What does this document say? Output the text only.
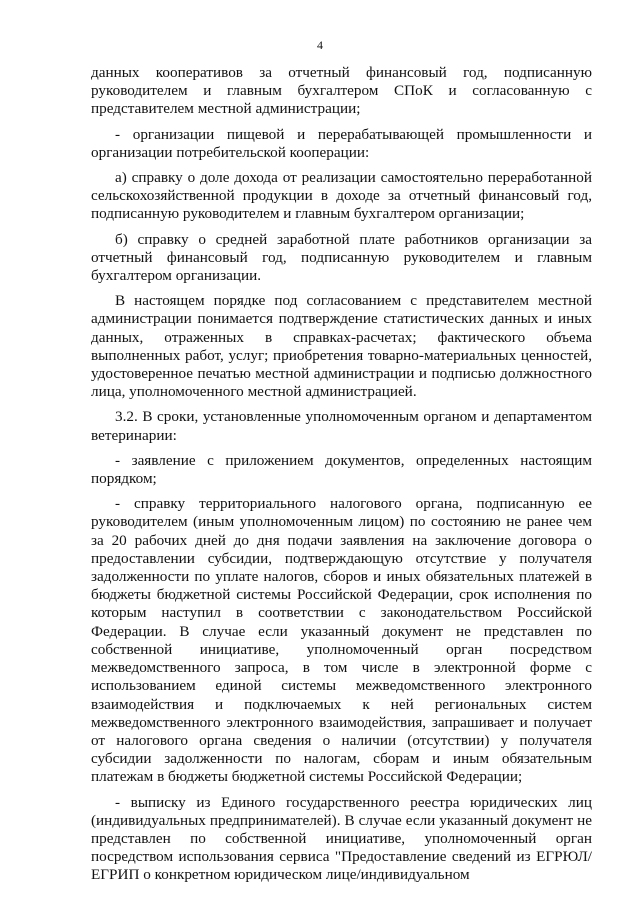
4

данных кооперативов за отчетный финансовый год, подписанную руководителем и главным бухгалтером СПоК и согласованную с представителем местной администрации;

- организации пищевой и перерабатывающей промышленности и организации потребительской кооперации:

а) справку о доле дохода от реализации самостоятельно переработанной сельскохозяйственной продукции в доходе за отчетный финансовый год, подписанную руководителем и главным бухгалтером организации;

б) справку о средней заработной плате работников организации за отчетный финансовый год, подписанную руководителем и главным бухгалтером организации.

В настоящем порядке под согласованием с представителем местной администрации понимается подтверждение статистических данных и иных данных, отраженных в справках-расчетах; фактического объема выполненных работ, услуг; приобретения товарно-материальных ценностей, удостоверенное печатью местной администрации и подписью должностного лица, уполномоченного местной администрацией.

3.2. В сроки, установленные уполномоченным органом и департаментом ветеринарии:

- заявление с приложением документов, определенных настоящим порядком;

- справку территориального налогового органа, подписанную ее руководителем (иным уполномоченным лицом) по состоянию не ранее чем за 20 рабочих дней до дня подачи заявления на заключение договора о предоставлении субсидии, подтверждающую отсутствие у получателя задолженности по уплате налогов, сборов и иных обязательных платежей в бюджеты бюджетной системы Российской Федерации, срок исполнения по которым наступил в соответствии с законодательством Российской Федерации. В случае если указанный документ не представлен по собственной инициативе, уполномоченный орган посредством межведомственного запроса, в том числе в электронной форме с использованием единой системы межведомственного электронного взаимодействия и подключаемых к ней региональных систем межведомственного электронного взаимодействия, запрашивает и получает от налогового органа сведения о наличии (отсутствии) у получателя субсидии задолженности по налогам, сборам и иным обязательным платежам в бюджеты бюджетной системы Российской Федерации;

- выписку из Единого государственного реестра юридических лиц (индивидуальных предпринимателей). В случае если указанный документ не представлен по собственной инициативе, уполномоченный орган посредством использования сервиса "Предоставление сведений из ЕГРЮЛ/ЕГРИП о конкретном юридическом лице/индивидуальном
